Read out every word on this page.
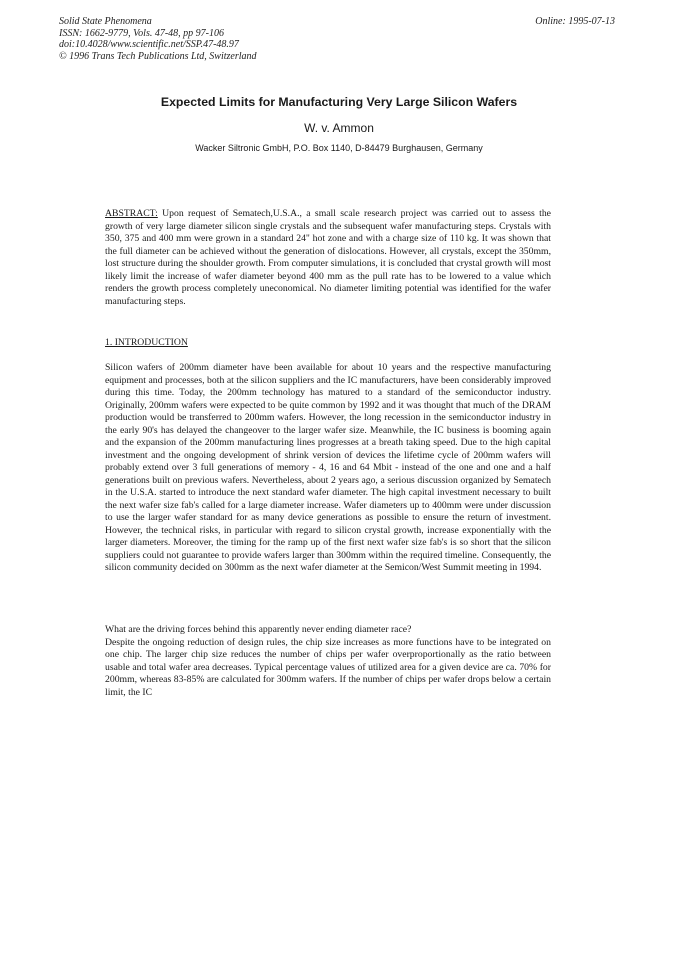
Solid State Phenomena
ISSN: 1662-9779, Vols. 47-48, pp 97-106
doi:10.4028/www.scientific.net/SSP.47-48.97
© 1996 Trans Tech Publications Ltd, Switzerland
Online: 1995-07-13
Expected Limits for Manufacturing Very Large Silicon Wafers
W. v. Ammon
Wacker Siltronic GmbH, P.O. Box 1140, D-84479 Burghausen, Germany
ABSTRACT: Upon request of Sematech,U.S.A., a small scale research project was carried out to assess the growth of very large diameter silicon single crystals and the subsequent wafer manufacturing steps. Crystals with 350, 375 and 400 mm were grown in a standard 24" hot zone and with a charge size of 110 kg. It was shown that the full diameter can be achieved without the generation of dislocations. However, all crystals, except the 350mm, lost structure during the shoulder growth. From computer simulations, it is concluded that crystal growth will most likely limit the increase of wafer diameter beyond 400 mm as the pull rate has to be lowered to a value which renders the growth process completely uneconomical. No diameter limiting potential was identified for the wafer manufacturing steps.
1. INTRODUCTION
Silicon wafers of 200mm diameter have been available for about 10 years and the respective manufacturing equipment and processes, both at the silicon suppliers and the IC manufacturers, have been considerably improved during this time. Today, the 200mm technology has matured to a standard of the semiconductor industry. Originally, 200mm wafers were expected to be quite common by 1992 and it was thought that much of the DRAM production would be transferred to 200mm wafers. However, the long recession in the semiconductor industry in the early 90's has delayed the changeover to the larger wafer size. Meanwhile, the IC business is booming again and the expansion of the 200mm manufacturing lines progresses at a breath taking speed. Due to the high capital investment and the ongoing development of shrink version of devices the lifetime cycle of 200mm wafers will probably extend over 3 full generations of memory - 4, 16 and 64 Mbit - instead of the one and one and a half generations built on previous wafers. Nevertheless, about 2 years ago, a serious discussion organized by Sematech in the U.S.A. started to introduce the next standard wafer diameter. The high capital investment necessary to built the next wafer size fab's called for a large diameter increase. Wafer diameters up to 400mm were under discussion to use the larger wafer standard for as many device generations as possible to ensure the return of investment. However, the technical risks, in particular with regard to silicon crystal growth, increase exponentially with the larger diameters. Moreover, the timing for the ramp up of the first next wafer size fab's is so short that the silicon suppliers could not guarantee to provide wafers larger than 300mm within the required timeline. Consequently, the silicon community decided on 300mm as the next wafer diameter at the Semicon/West Summit meeting in 1994.
What are the driving forces behind this apparently never ending diameter race?
Despite the ongoing reduction of design rules, the chip size increases as more functions have to be integrated on one chip. The larger chip size reduces the number of chips per wafer overproportionally as the ratio between usable and total wafer area decreases. Typical percentage values of utilized area for a given device are ca. 70% for 200mm, whereas 83-85% are calculated for 300mm wafers. If the number of chips per wafer drops below a certain limit, the IC
